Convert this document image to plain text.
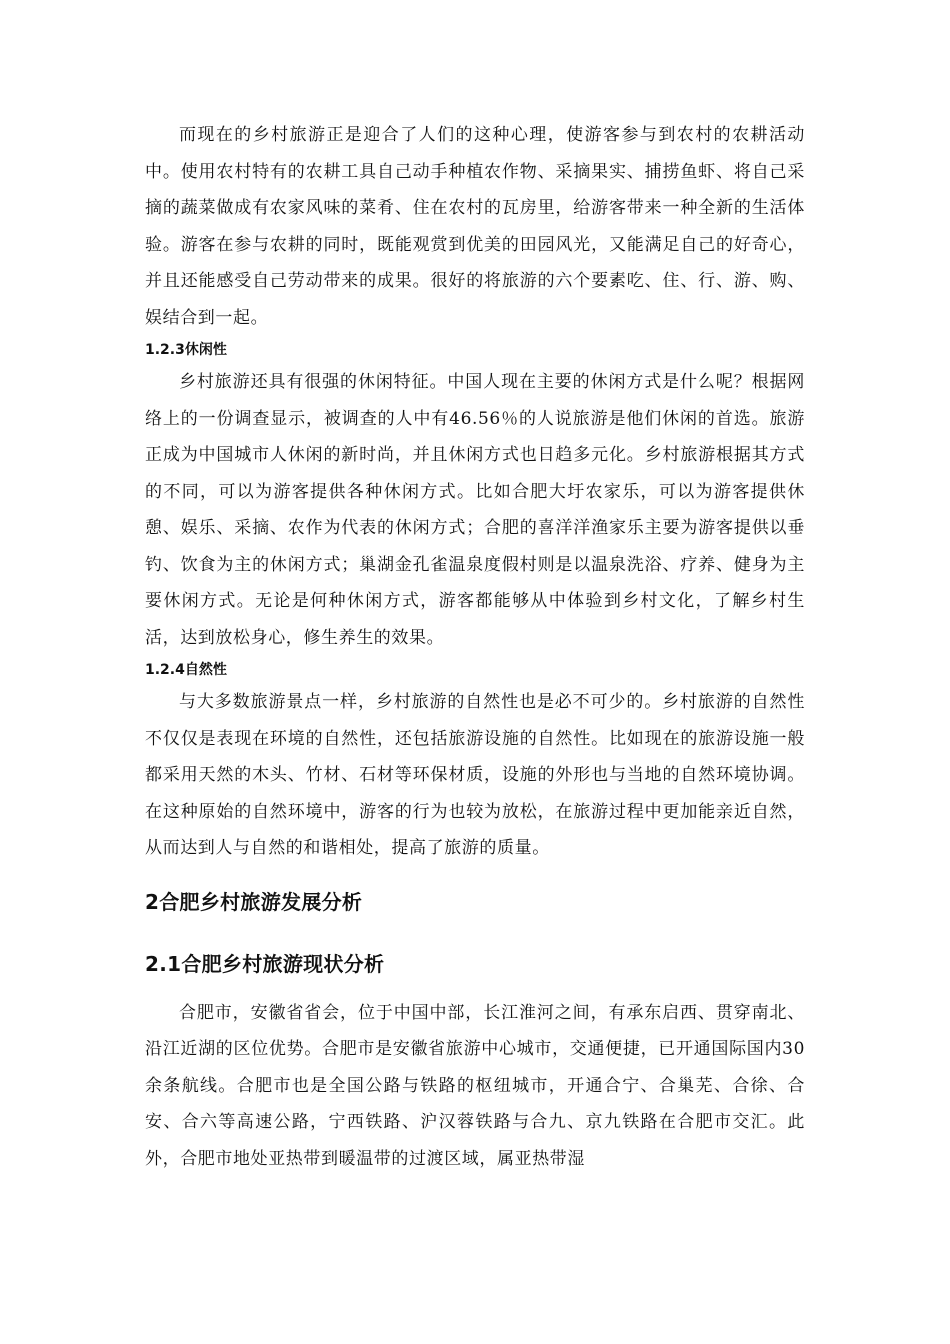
而现在的乡村旅游正是迎合了人们的这种心理，使游客参与到农村的农耕活动中。使用农村特有的农耕工具自己动手种植农作物、采摘果实、捕捞鱼虾、将自己采摘的蔬菜做成有农家风味的菜肴、住在农村的瓦房里，给游客带来一种全新的生活体验。游客在参与农耕的同时，既能观赏到优美的田园风光，又能满足自己的好奇心，并且还能感受自己劳动带来的成果。很好的将旅游的六个要素吃、住、行、游、购、娱结合到一起。

1.2.3休闲性

乡村旅游还具有很强的休闲特征。中国人现在主要的休闲方式是什么呢？根据网络上的一份调查显示，被调查的人中有46.56％的人说旅游是他们休闲的首选。旅游正成为中国城市人休闲的新时尚，并且休闲方式也日趋多元化。乡村旅游根据其方式的不同，可以为游客提供各种休闲方式。比如合肥大圩农家乐，可以为游客提供休憩、娱乐、采摘、农作为代表的休闲方式；合肥的喜洋洋渔家乐主要为游客提供以垂钓、饮食为主的休闲方式；巢湖金孔雀温泉度假村则是以温泉洗浴、疗养、健身为主要休闲方式。无论是何种休闲方式，游客都能够从中体验到乡村文化，了解乡村生活，达到放松身心，修生养生的效果。

1.2.4自然性

与大多数旅游景点一样，乡村旅游的自然性也是必不可少的。乡村旅游的自然性不仅仅是表现在环境的自然性，还包括旅游设施的自然性。比如现在的旅游设施一般都采用天然的木头、竹材、石材等环保材质，设施的外形也与当地的自然环境协调。在这种原始的自然环境中，游客的行为也较为放松，在旅游过程中更加能亲近自然，从而达到人与自然的和谐相处，提高了旅游的质量。

2合肥乡村旅游发展分析
2.1合肥乡村旅游现状分析

合肥市，安徽省省会，位于中国中部，长江淮河之间，有承东启西、贯穿南北、沿江近湖的区位优势。合肥市是安徽省旅游中心城市，交通便捷，已开通国际国内30余条航线。合肥市也是全国公路与铁路的枢纽城市，开通合宁、合巢芜、合徐、合安、合六等高速公路，宁西铁路、沪汉蓉铁路与合九、京九铁路在合肥市交汇。此外，合肥市地处亚热带到暖温带的过渡区域，属亚热带湿
